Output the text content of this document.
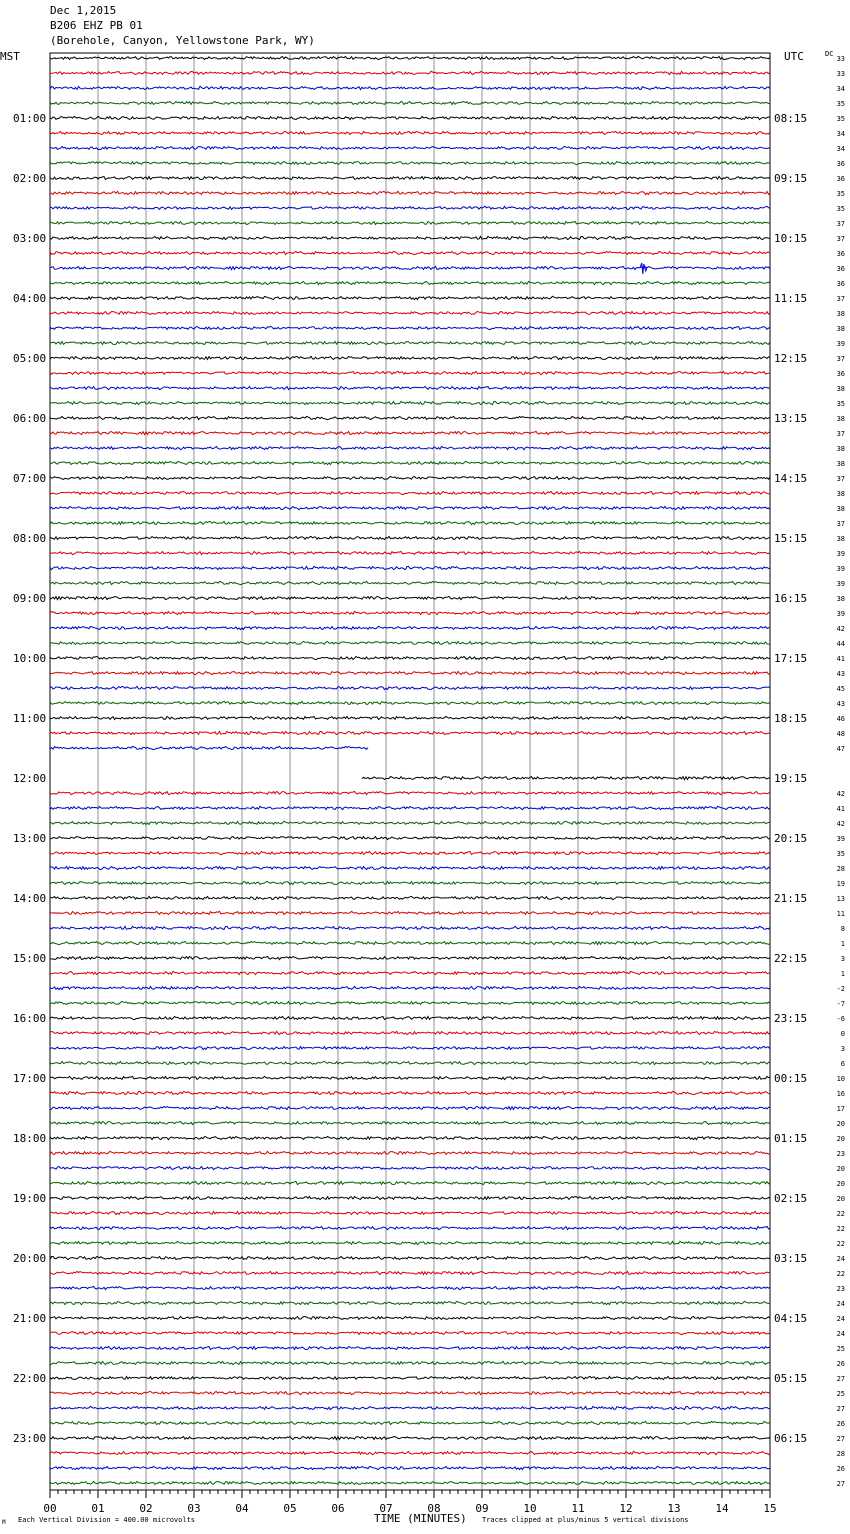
Dec 1,2015
B206 EHZ PB 01
(Borehole, Canyon, Yellowstone Park, WY)
MST	UTC	DC
Each Vertical Division = 400.00 microvolts	TIME (MINUTES) Traces clipped at plus/minus 5 vertical divisions
M
00	01	02	03	04	05	06	07	08	09	10	11	12	13	14	15
01:00
02:00
03:00
04:00
05:00
06:00
07:00
08:00
09:00
10:00
11:00
12:00
13:00
14:00
15:00
16:00
17:00
18:00
19:00
20:00
21:00
22:00
23:00
08:15
09:15
10:15
11:15
12:15
13:15
14:15
15:15
16:15
17:15
18:15
19:15
20:15
21:15
22:15
23:15
00:15
01:15
02:15
03:15
04:15
05:15
06:15
33
33
34
35
35
34
34
36
36
35
35
37
37
36
36
36
37
38
38
39
37
36
38
35
38
37
38
38
37
38
38
37
38
39
39
39
38
39
42
44
41
43
45
43
46
48
47
42
41
42
39
35
28
19
13
11
8
1
3
1
-2
-7
-6
0
3
6
10
16
17
20
20
23
20
20
20
22
22
22
24
22
23
24
24
24
25
26
27
25
27
26
27
28
26
27
